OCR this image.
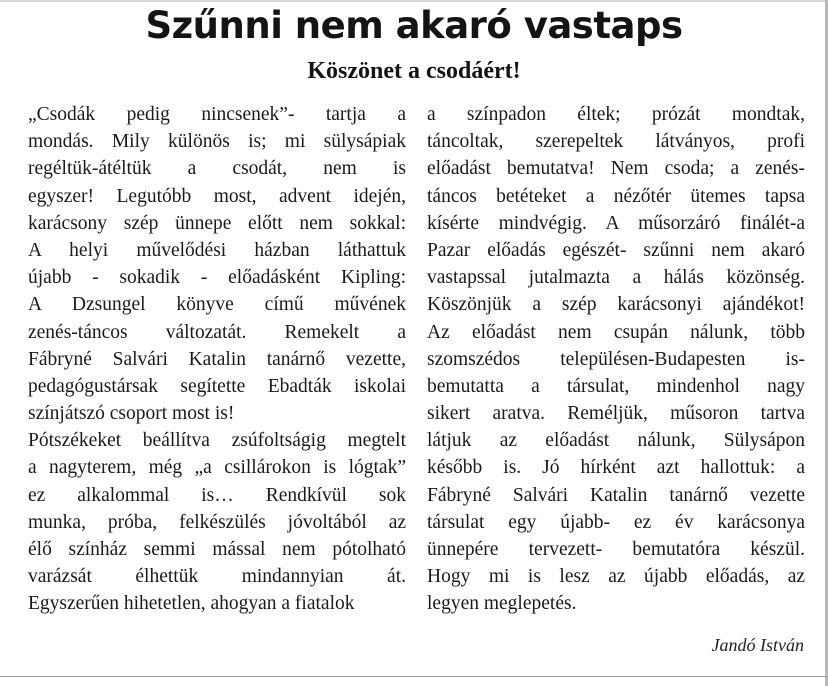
Szűnni nem akaró vastaps
Köszönet a csodáért!
„Csodák pedig nincsenek”- tartja a
mondás. Mily különös is; mi sülysápiak
regéltük-átéltük a csodát, nem is
egyszer! Legutóbb most, advent idején,
karácsony szép ünnepe előtt nem sokkal:
A helyi művelődési házban láthattuk
újabb - sokadik - előadásként Kipling:
A Dzsungel könyve című művének
zenés-táncos változatát. Remekelt a
Fábryné Salvári Katalin tanárnő vezette,
pedagógustársak segítette Ebadták iskolai
színjátszó csoport most is!
Pótszékeket beállítva zsúfoltságig megtelt
a nagyterem, még „a csillárokon is lógtak”
ez alkalommal is… Rendkívül sok
munka, próba, felkészülés jóvoltából az
élő színház semmi mással nem pótolható
varázsát élhettük mindannyian át.
Egyszerűen hihetetlen, ahogyan a fiatalok
a színpadon éltek; prózát mondtak,
táncoltak, szerepeltek látványos, profi
előadást bemutatva! Nem csoda; a zenés-
táncos betéteket a nézőtér ütemes tapsa
kísérte mindvégig. A műsorzáró finálét-a
Pazar előadás egészét- szűnni nem akaró
vastapssal jutalmazta a hálás közönség.
Köszönjük a szép karácsonyi ajándékot!
Az előadást nem csupán nálunk, több
szomszédos településen-Budapesten is-
bemutatta a társulat, mindenhol nagy
sikert aratva. Reméljük, műsoron tartva
látjuk az előadást nálunk, Sülysápon
később is. Jó hírként azt hallottuk: a
Fábryné Salvári Katalin tanárnő vezette
társulat egy újabb- ez év karácsonya
ünnepére tervezett- bemutatóra készül.
Hogy mi is lesz az újabb előadás, az
legyen meglepetés.
Jandó István
